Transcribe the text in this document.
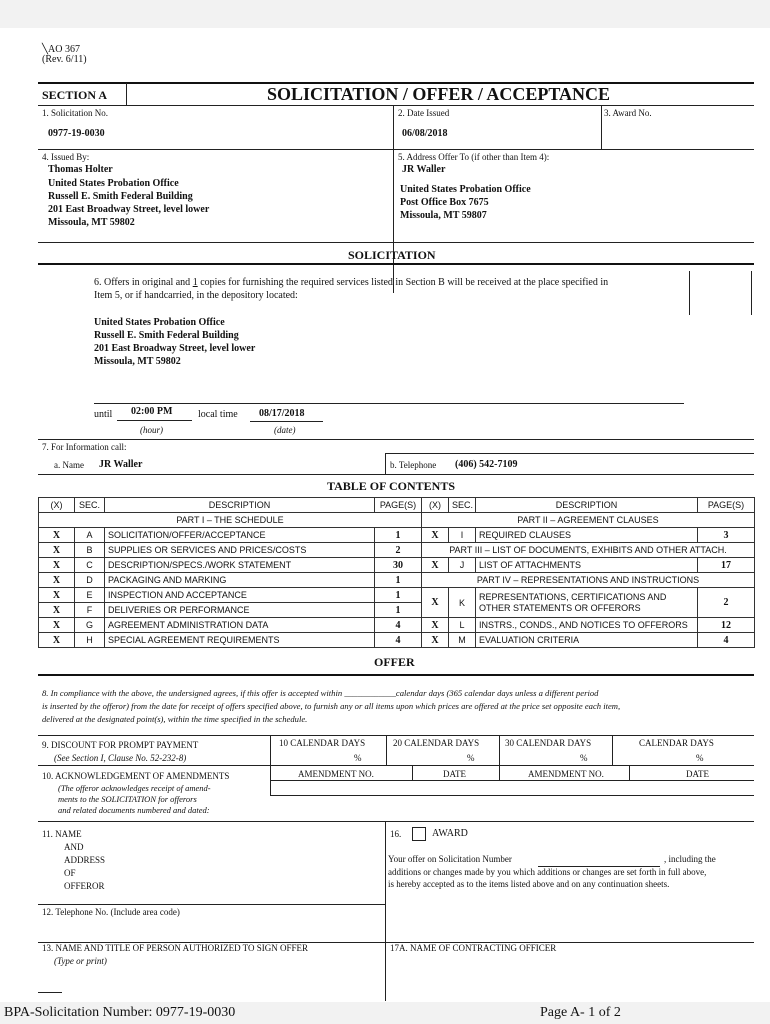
╲AO 367
(Rev. 6/11)
SECTION A	SOLICITATION / OFFER / ACCEPTANCE
1. Solicitation No.
0977-19-0030
2. Date Issued
06/08/2018
3. Award No.
4. Issued By:
Thomas Holter
United States Probation Office
Russell E. Smith Federal Building
201 East Broadway Street, level lower
Missoula, MT 59802
5. Address Offer To (if other than Item 4):
JR Waller
United States Probation Office
Post Office Box 7675
Missoula, MT 59807
SOLICITATION
6. Offers in original and 1 copies for furnishing the required services listed in Section B will be received at the place specified in
Item 5, or if handcarried, in the depository located:
United States Probation Office
Russell E. Smith Federal Building
201 East Broadway Street, level lower
Missoula, MT 59802
until 02:00 PM
(hour)
local time 08/17/2018
(date)
7. For Information call:
a. Name JR Waller	b. Telephone (406) 542-7109
TABLE OF CONTENTS
(X)	SEC.	DESCRIPTION	PAGE(S)	(X)	SEC.	DESCRIPTION	PAGE(S)
PART I – THE SCHEDULE				PART II – AGREEMENT CLAUSES			
X	A	SOLICITATION/OFFER/ACCEPTANCE	1	X	I	REQUIRED CLAUSES	3
X	B	SUPPLIES OR SERVICES AND PRICES/COSTS	2	PART III – LIST OF DOCUMENTS, EXHIBITS AND OTHER ATTACH.			
X	C	DESCRIPTION/SPECS./WORK STATEMENT	30	X	J	LIST OF ATTACHMENTS	17
X	D	PACKAGING AND MARKING	1	PART IV – REPRESENTATIONS AND INSTRUCTIONS			
X	E	INSPECTION AND ACCEPTANCE	1	X	K	REPRESENTATIONS, CERTIFICATIONS AND
OTHER STATEMENTS OR OFFERORS	2
X	F	DELIVERIES OR PERFORMANCE	1				
X	G	AGREEMENT ADMINISTRATION DATA	4	X	L	INSTRS., CONDS., AND NOTICES TO OFFERORS	12
X	H	SPECIAL AGREEMENT REQUIREMENTS	4	X	M	EVALUATION CRITERIA	4
OFFER
8. In compliance with the above, the undersigned agrees, if this offer is accepted within ____________calendar days (365 calendar days unless a different period
is inserted by the offeror) from the date for receipt of offers specified above, to furnish any or all items upon which prices are offered at the price set opposite each item,
delivered at the designated point(s), within the time specified in the schedule.
9. DISCOUNT FOR PROMPT PAYMENT
(See Section I, Clause No. 52-232-8)
10 CALENDAR DAYS	20 CALENDAR DAYS	30 CALENDAR DAYS	CALENDAR DAYS
%	%	%	%
10. ACKNOWLEDGEMENT OF AMENDMENTS
(The offeror acknowledges receipt of amend-
ments to the SOLICITATION for offerors
and related documents numbered and dated:
AMENDMENT NO.	DATE	AMENDMENT NO.	DATE
11. NAME
AND
ADDRESS
OF
OFFEROR
16.	AWARD
Your offer on Solicitation Number	, including the
additions or changes made by you which additions or changes are set forth in full above,
is hereby accepted as to the items listed above and on any continuation sheets.
12. Telephone No. (Include area code)
13. NAME AND TITLE OF PERSON AUTHORIZED TO SIGN OFFER
(Type or print)
17A. NAME OF CONTRACTING OFFICER
BPA-Solicitation Number: 0977-19-0030	Page A- 1 of 2
